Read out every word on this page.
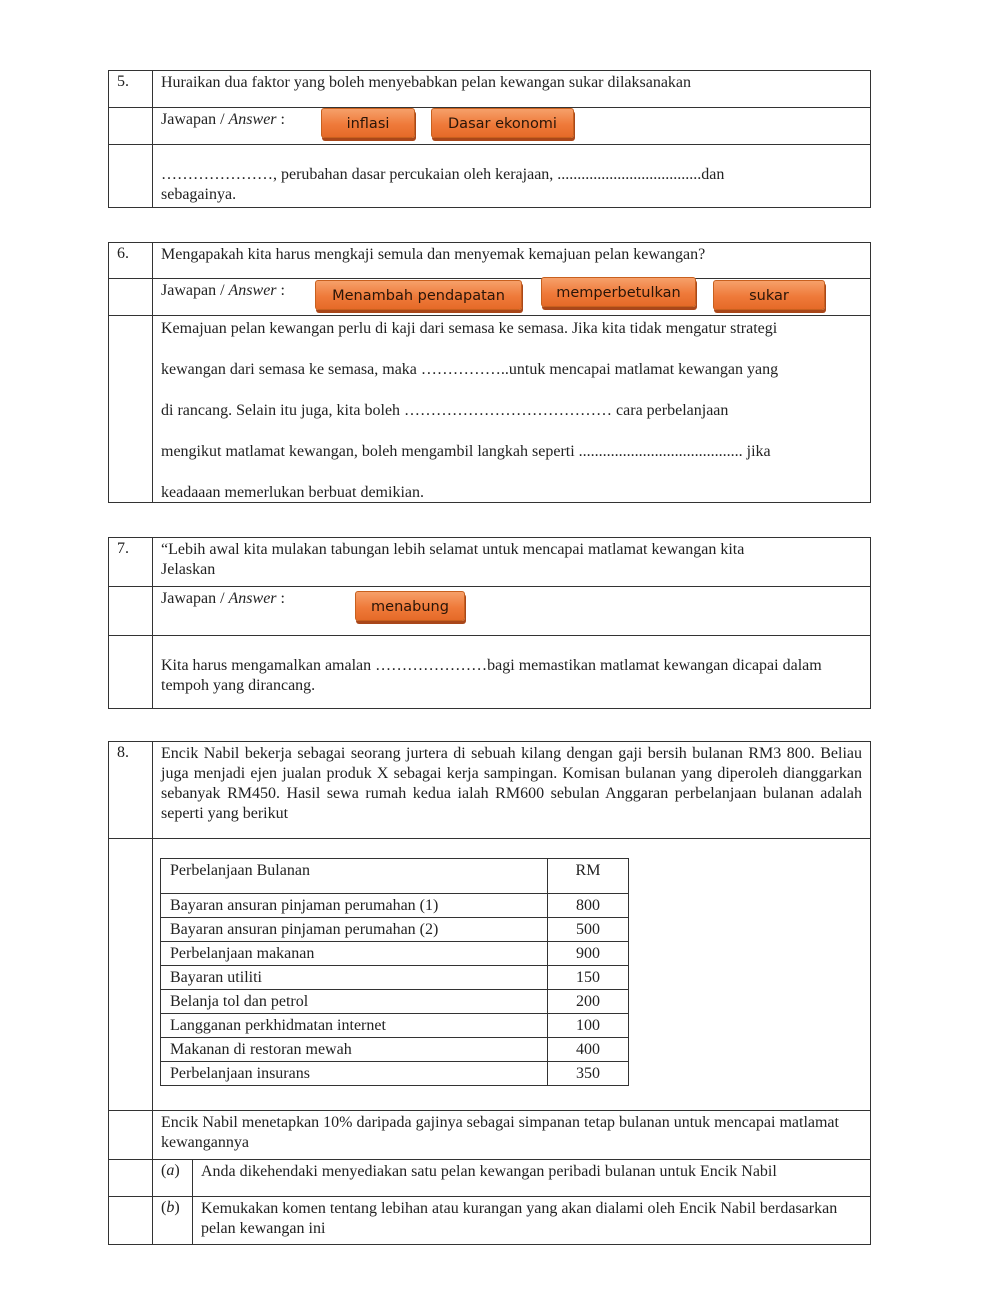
5.	Huraikan dua faktor yang boleh menyebabkan pelan kewangan sukar dilaksanakan
Jawapan / Answer :
…………………, perubahan dasar percukaian oleh kerajaan, ....................................dan
sebagainya.
inflasi	Dasar ekonomi
6.	Mengapakah kita harus mengkaji semula dan menyemak kemajuan pelan kewangan?
Jawapan / Answer :
Kemajuan pelan kewangan perlu di kaji dari semasa ke semasa. Jika kita tidak mengatur strategi
kewangan dari semasa ke semasa, maka ……………..untuk mencapai matlamat kewangan yang
di rancang. Selain itu juga, kita boleh ………………………………… cara perbelanjaan
mengikut matlamat kewangan, boleh mengambil langkah seperti ......................................... jika
keadaaan memerlukan berbuat demikian.
Menambah pendapatan	memperbetulkan	sukar
7.	“Lebih awal kita mulakan tabungan lebih selamat untuk mencapai matlamat kewangan kita
Jelaskan
Jawapan / Answer :
Kita harus mengamalkan amalan …………………bagi memastikan matlamat kewangan dicapai dalam tempoh yang dirancang.
menabung
8.	Encik Nabil bekerja sebagai seorang jurtera di sebuah kilang dengan gaji bersih bulanan RM3 800. Beliau juga menjadi ejen jualan produk X sebagai kerja sampingan. Komisan bulanan yang diperoleh dianggarkan sebanyak RM450. Hasil sewa rumah kedua ialah RM600 sebulan Anggaran perbelanjaan bulanan adalah seperti yang berikut
Encik Nabil menetapkan 10% daripada gajinya sebagai simpanan tetap bulanan untuk mencapai matlamat kewangannya
(a)	Anda dikehendaki menyediakan satu pelan kewangan peribadi bulanan untuk Encik Nabil
(b)	Kemukakan komen tentang lebihan atau kurangan yang akan dialami oleh Encik Nabil berdasarkan pelan kewangan ini
Perbelanjaan Bulanan	RM
Bayaran ansuran pinjaman perumahan (1)	800
Bayaran ansuran pinjaman perumahan (2)	500
Perbelanjaan makanan	900
Bayaran utiliti	150
Belanja tol dan petrol	200
Langganan perkhidmatan internet	100
Makanan di restoran mewah	400
Perbelanjaan insurans	350
